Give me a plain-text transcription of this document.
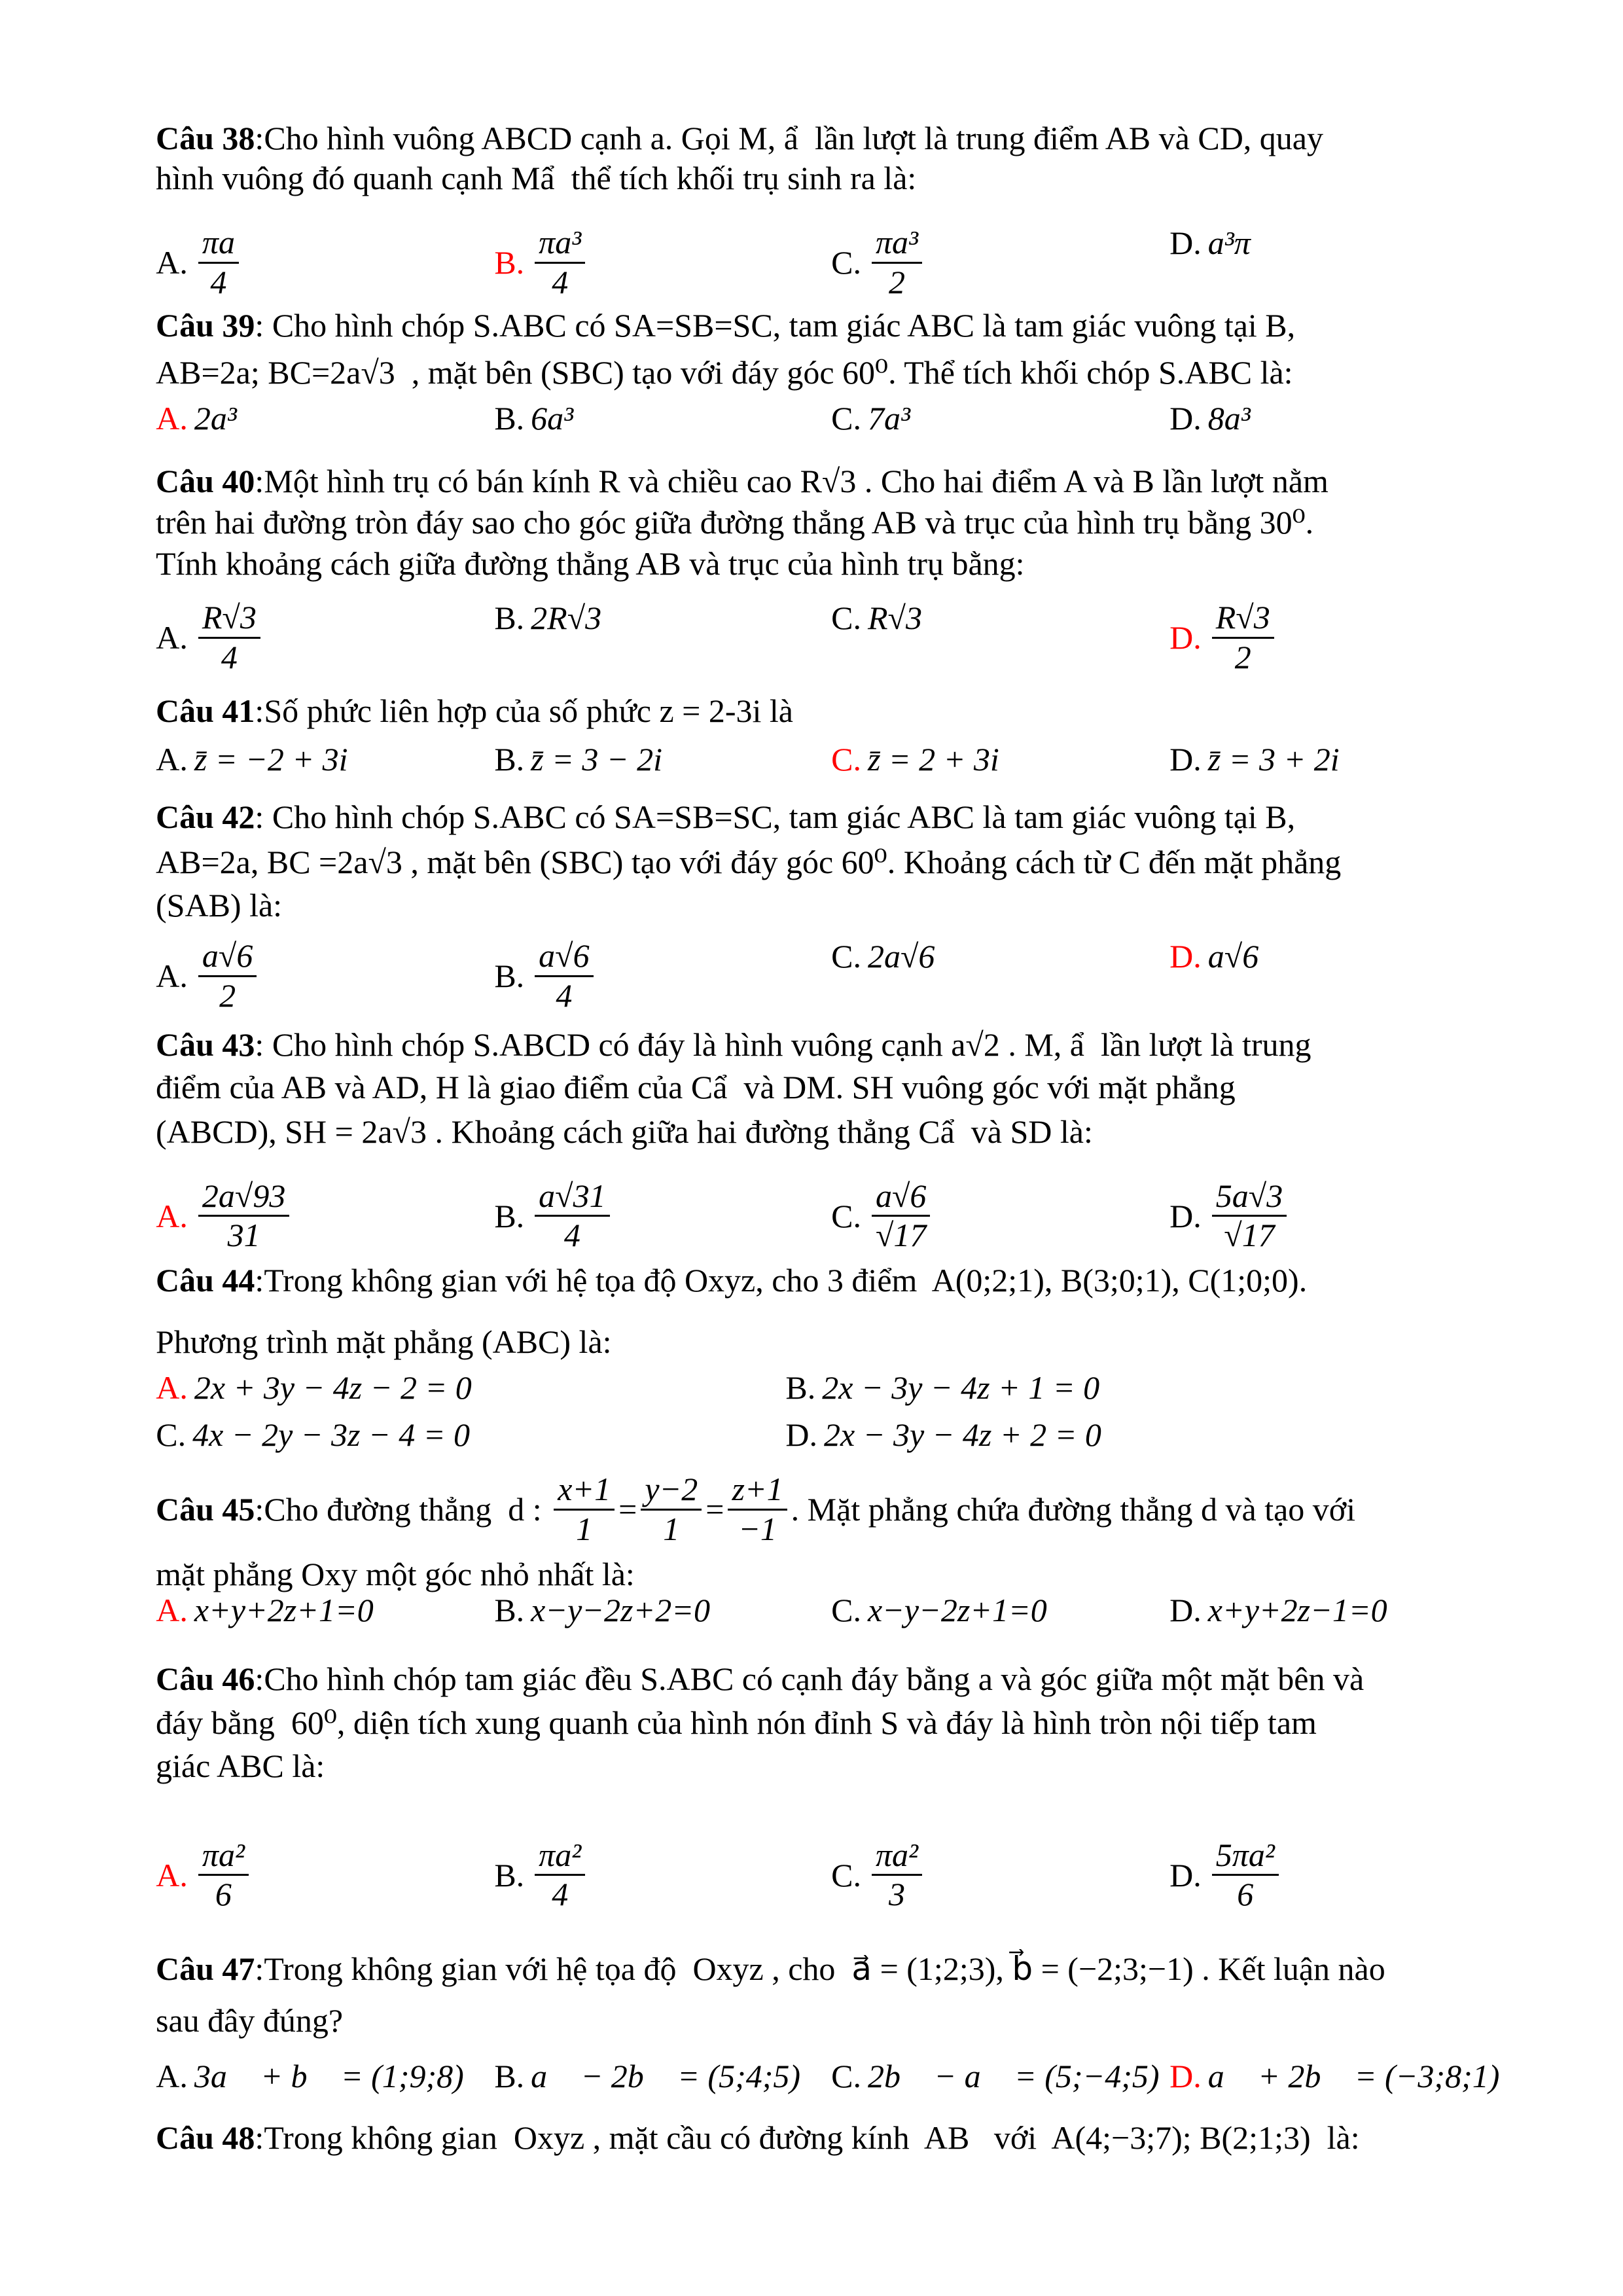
Câu 38 :Cho hình vuông ABCD cạnh a. Gọi M, ẩ  lần lượt là trung điểm AB và CD, quay
hình vuông đó quanh cạnh Mẩ  thể tích khối trụ sinh ra là:
A. $\frac{\pi a}{4}$	B. $\frac{\text{πa³}}{4}$	C. $\frac{\text{πa³}}{2}$	D. a³π
Câu 39 : Cho hình chóp S.ABC có SA=SB=SC, tam giác ABC là tam giác vuông tại B,
AB=2a; BC=2a√3  , mặt bên (SBC) tạo với đáy góc 60⁰. Thể tích khối chóp S.ABC là:
A. 2a³	B. 6a³	C. 7a³	D. 8a³
Câu 40 :Một hình trụ có bán kính R và chiều cao R√3 . Cho hai điểm A và B lần lượt nằm
trên hai đường tròn đáy sao cho góc giữa đường thẳng AB và trục của hình trụ bằng 30⁰.
Tính khoảng cách giữa đường thẳng AB và trục của hình trụ bằng:
A. $\frac{R√3}{4}$	B. 2R√3	C. R√3
D. $\frac{R√3}{2}$
Câu 41 :Số phức liên hợp của số phức z = 2-3i là
A. z̄ = −2 + 3i	B. z̄ = 3 − 2i	C. z̄ = 2 + 3i	D. z̄ = 3 + 2i
Câu 42 : Cho hình chóp S.ABC có SA=SB=SC, tam giác ABC là tam giác vuông tại B,
AB=2a, BC =2a√3 , mặt bên (SBC) tạo với đáy góc 60⁰. Khoảng cách từ C đến mặt phẳng
(SAB) là:
A. $\frac{a√6}{2}$	B. $\frac{a√6}{4}$	C. 2a√6	D. a√6
Câu 43 : Cho hình chóp S.ABCD có đáy là hình vuông cạnh a√2 . M, ẩ  lần lượt là trung
điểm của AB và AD, H là giao điểm của Cẩ  và DM. SH vuông góc với mặt phẳng
(ABCD), SH = 2a√3 . Khoảng cách giữa hai đường thẳng Cẩ  và SD là:
A. $\frac{2a√93}{31}$	B. $\frac{a√31}{4}$	C. $\frac{a√6}{√17}$	D. $\frac{5a√3}{√17}$
Câu 44 :Trong không gian với hệ tọa độ Oxyz, cho 3 điểm  A(0;2;1), B(3;0;1), C(1;0;0).
Phương trình mặt phẳng (ABC) là:
A. 2x + 3y − 4z − 2 = 0	B. 2x − 3y − 4z + 1 = 0
C. 4x − 2y − 3z − 4 = 0	D. 2x − 3y − 4z + 2 = 0
Câu 45 :Cho đường thẳng  d : $\frac{x+1}{1} = \frac{y-2}{1} = \frac{z+1}{-1}$ . Mặt phẳng chứa đường thẳng d và tạo với
mặt phẳng Oxy một góc nhỏ nhất là:
A. x+y+2z+1=0	B. x−y−2z+2=0	C. x−y−2z+1=0	D. x+y+2z−1=0
Câu 46 :Cho hình chóp tam giác đều S.ABC có cạnh đáy bằng a và góc giữa một mặt bên và
đáy bằng  60⁰, diện tích xung quanh của hình nón đỉnh S và đáy là hình tròn nội tiếp tam
giác ABC là:
A. $\frac{\text{πa²}}{6}$	B. $\frac{\text{πa²}}{4}$	C. $\frac{\text{πa²}}{3}$	D. $\frac{\text{5πa²}}{6}$
Câu 47 :Trong không gian với hệ tọa độ  Oxyz , cho  a⃗ = (1;2;3), b⃗ = (−2;3;−1) . Kết luận nào
sau đây đúng?
A. 3a⃗ + b⃗ = (1;9;8) B. a⃗ − 2b⃗ = (5;4;5) C. 2b⃗ − a⃗ = (5;−4;5) D. a⃗ + 2b⃗ = (−3;8;1)
Câu 48 :Trong không gian  Oxyz , mặt cầu có đường kính  AB   với  A(4;−3;7); B(2;1;3)  là:
